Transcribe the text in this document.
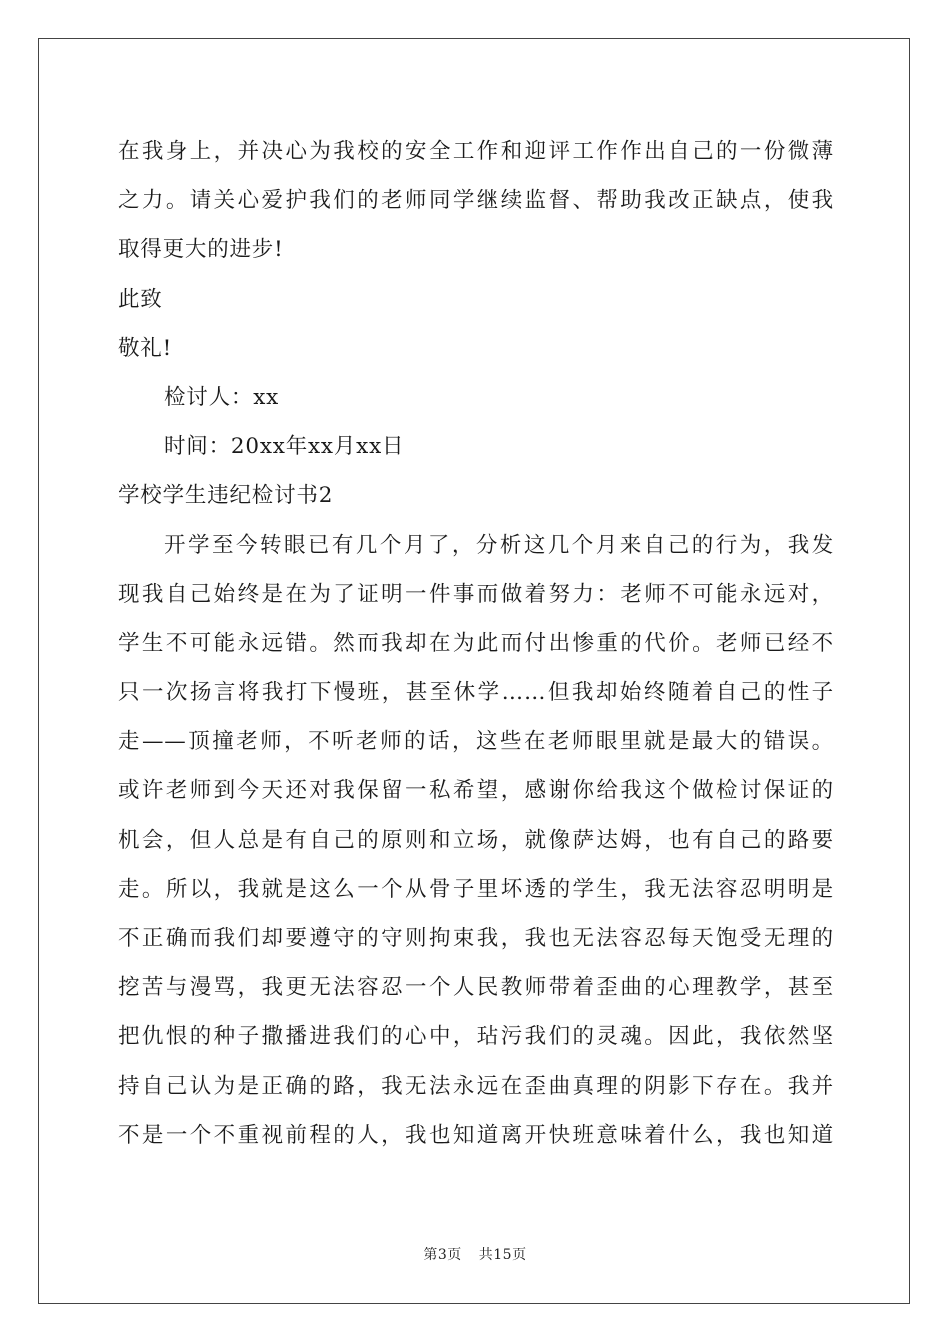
在我身上，并决心为我校的安全工作和迎评工作作出自己的一份微薄
之力。请关心爱护我们的老师同学继续监督、帮助我改正缺点，使我
取得更大的进步!
此致
敬礼!
检讨人：xx
时间：20xx年xx月xx日
学校学生违纪检讨书2
开学至今转眼已有几个月了，分析这几个月来自己的行为，我发
现我自己始终是在为了证明一件事而做着努力：老师不可能永远对，
学生不可能永远错。然而我却在为此而付出惨重的代价。老师已经不
只一次扬言将我打下慢班，甚至休学……但我却始终随着自己的性子
走——顶撞老师，不听老师的话，这些在老师眼里就是最大的错误。
或许老师到今天还对我保留一私希望，感谢你给我这个做检讨保证的
机会，但人总是有自己的原则和立场，就像萨达姆，也有自己的路要
走。所以，我就是这么一个从骨子里坏透的学生，我无法容忍明明是
不正确而我们却要遵守的守则拘束我，我也无法容忍每天饱受无理的
挖苦与漫骂，我更无法容忍一个人民教师带着歪曲的心理教学，甚至
把仇恨的种子撒播进我们的心中，玷污我们的灵魂。因此，我依然坚
持自己认为是正确的路，我无法永远在歪曲真理的阴影下存在。我并
不是一个不重视前程的人，我也知道离开快班意味着什么，我也知道
第3页 共15页
